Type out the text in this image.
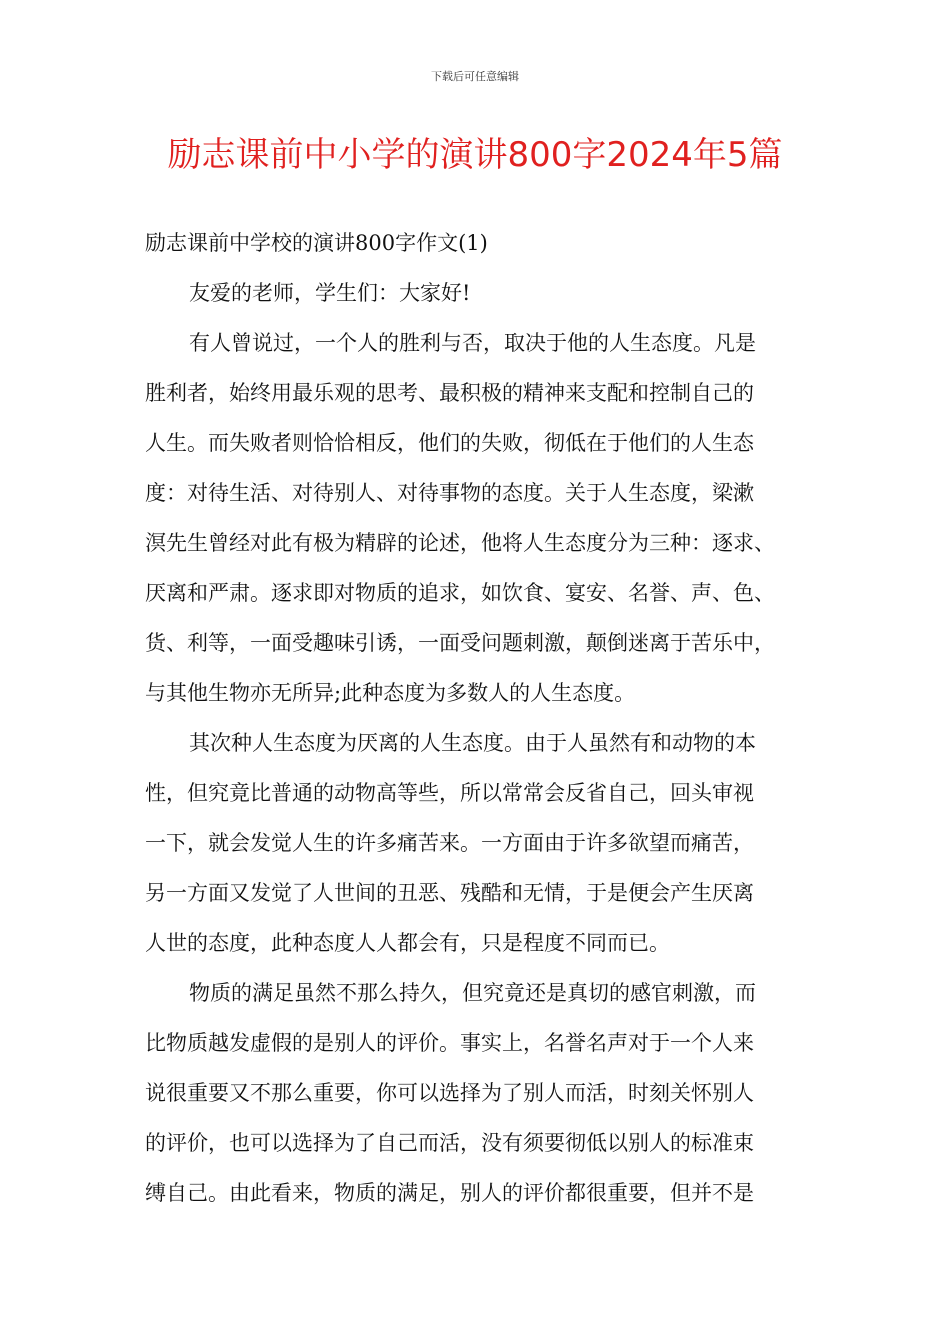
下载后可任意编辑
励志课前中小学的演讲800字2024年5篇

励志课前中学校的演讲800字作文(1)

友爱的老师，学生们：大家好!
有人曾说过，一个人的胜利与否，取决于他的人生态度。凡是
胜利者，始终用最乐观的思考、最积极的精神来支配和控制自己的
人生。而失败者则恰恰相反，他们的失败，彻低在于他们的人生态
度：对待生活、对待别人、对待事物的态度。关于人生态度，梁漱
溟先生曾经对此有极为精辟的论述，他将人生态度分为三种：逐求、
厌离和严肃。逐求即对物质的追求，如饮食、宴安、名誉、声、色、
货、利等，一面受趣味引诱，一面受问题刺激，颠倒迷离于苦乐中，
与其他生物亦无所异;此种态度为多数人的人生态度。
其次种人生态度为厌离的人生态度。由于人虽然有和动物的本
性，但究竟比普通的动物高等些，所以常常会反省自己，回头审视
一下，就会发觉人生的许多痛苦来。一方面由于许多欲望而痛苦，
另一方面又发觉了人世间的丑恶、残酷和无情，于是便会产生厌离
人世的态度，此种态度人人都会有，只是程度不同而已。
物质的满足虽然不那么持久，但究竟还是真切的感官刺激，而
比物质越发虚假的是别人的评价。事实上，名誉名声对于一个人来
说很重要又不那么重要，你可以选择为了别人而活，时刻关怀别人
的评价，也可以选择为了自己而活，没有须要彻低以别人的标准束
缚自己。由此看来，物质的满足，别人的评价都很重要，但并不是
